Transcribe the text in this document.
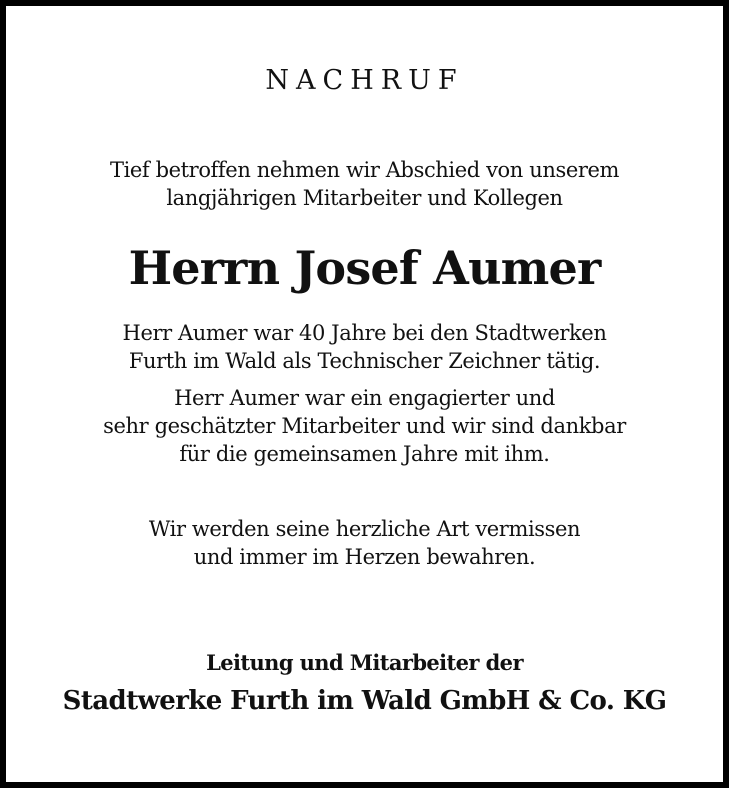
NACHRUF
Tief betroffen nehmen wir Abschied von unserem
langjährigen Mitarbeiter und Kollegen
Herrn Josef Aumer
Herr Aumer war 40 Jahre bei den Stadtwerken
Furth im Wald als Technischer Zeichner tätig.
Herr Aumer war ein engagierter und
sehr geschätzter Mitarbeiter und wir sind dankbar
für die gemeinsamen Jahre mit ihm.
Wir werden seine herzliche Art vermissen
und immer im Herzen bewahren.
Leitung und Mitarbeiter der
Stadtwerke Furth im Wald GmbH & Co. KG
